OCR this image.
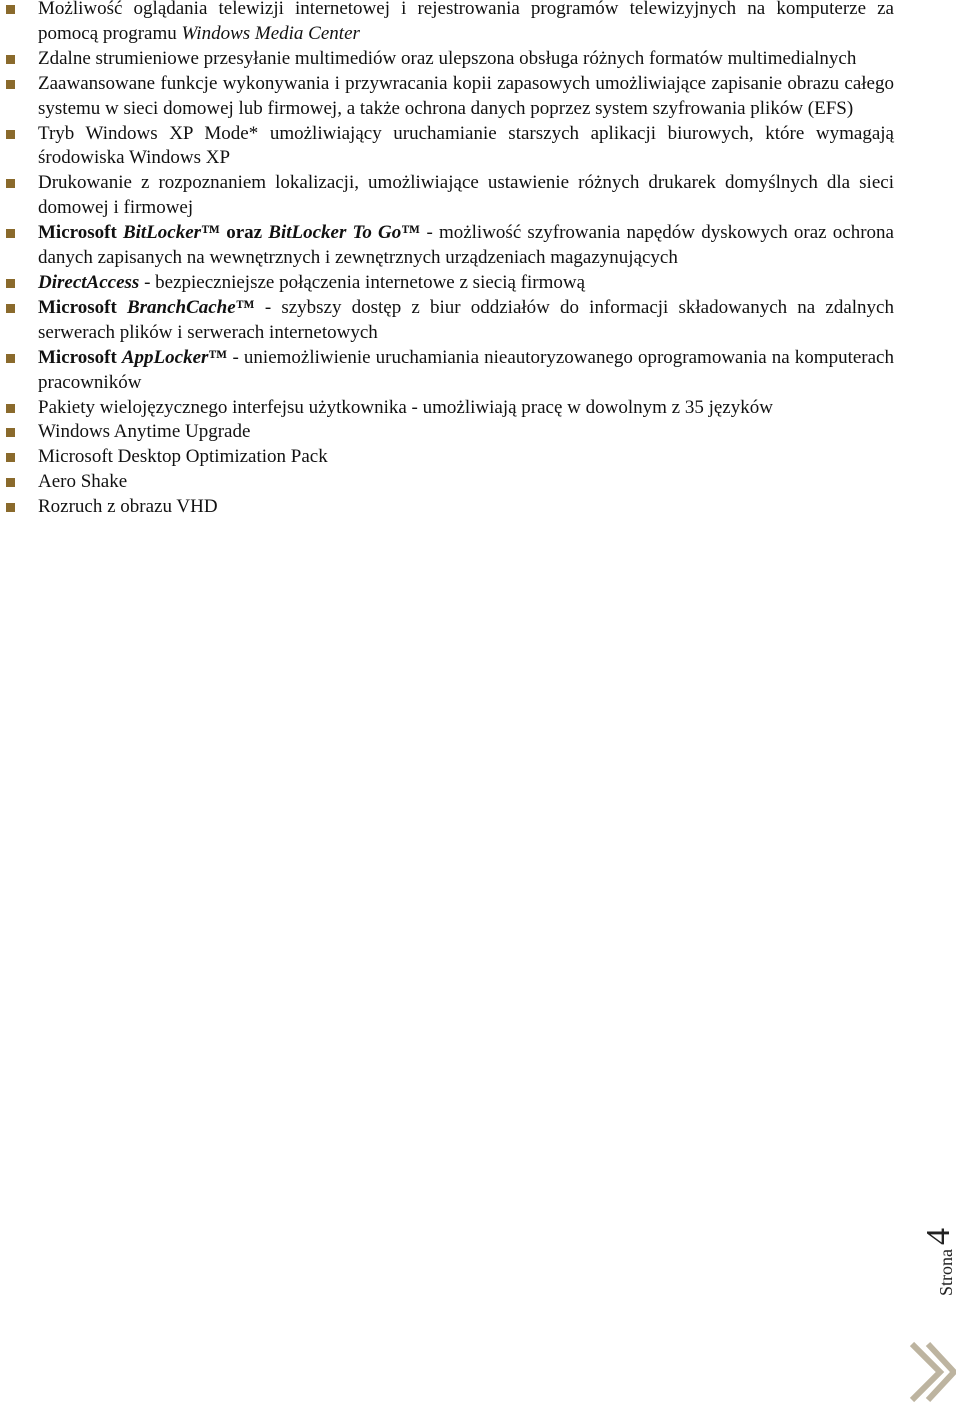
Możliwość oglądania telewizji internetowej i rejestrowania programów telewizyjnych na komputerze za pomocą programu Windows Media Center
Zdalne strumieniowe przesyłanie multimediów oraz ulepszona obsługa różnych formatów multimedialnych
Zaawansowane funkcje wykonywania i przywracania kopii zapasowych umożliwiające zapisanie obrazu całego systemu w sieci domowej lub firmowej, a także ochrona danych poprzez system szyfrowania plików (EFS)
Tryb Windows XP Mode* umożliwiający uruchamianie starszych aplikacji biurowych, które wymagają środowiska Windows XP
Drukowanie z rozpoznaniem lokalizacji, umożliwiające ustawienie różnych drukarek domyślnych dla sieci domowej i firmowej
Microsoft BitLocker™ oraz BitLocker To Go™ - możliwość szyfrowania napędów dyskowych oraz ochrona danych zapisanych na wewnętrznych i zewnętrznych urządzeniach magazynujących
DirectAccess - bezpieczniejsze połączenia internetowe z siecią firmową
Microsoft BranchCache™ - szybszy dostęp z biur oddziałów do informacji składowanych na zdalnych serwerach plików i serwerach internetowych
Microsoft AppLocker™ - uniemożliwienie uruchamiania nieautoryzowanego oprogramowania na komputerach pracowników
Pakiety wielojęzycznego interfejsu użytkownika - umożliwiają pracę w dowolnym z 35 języków
Windows Anytime Upgrade
Microsoft Desktop Optimization Pack
Aero Shake
Rozruch z obrazu VHD
Strona
4
